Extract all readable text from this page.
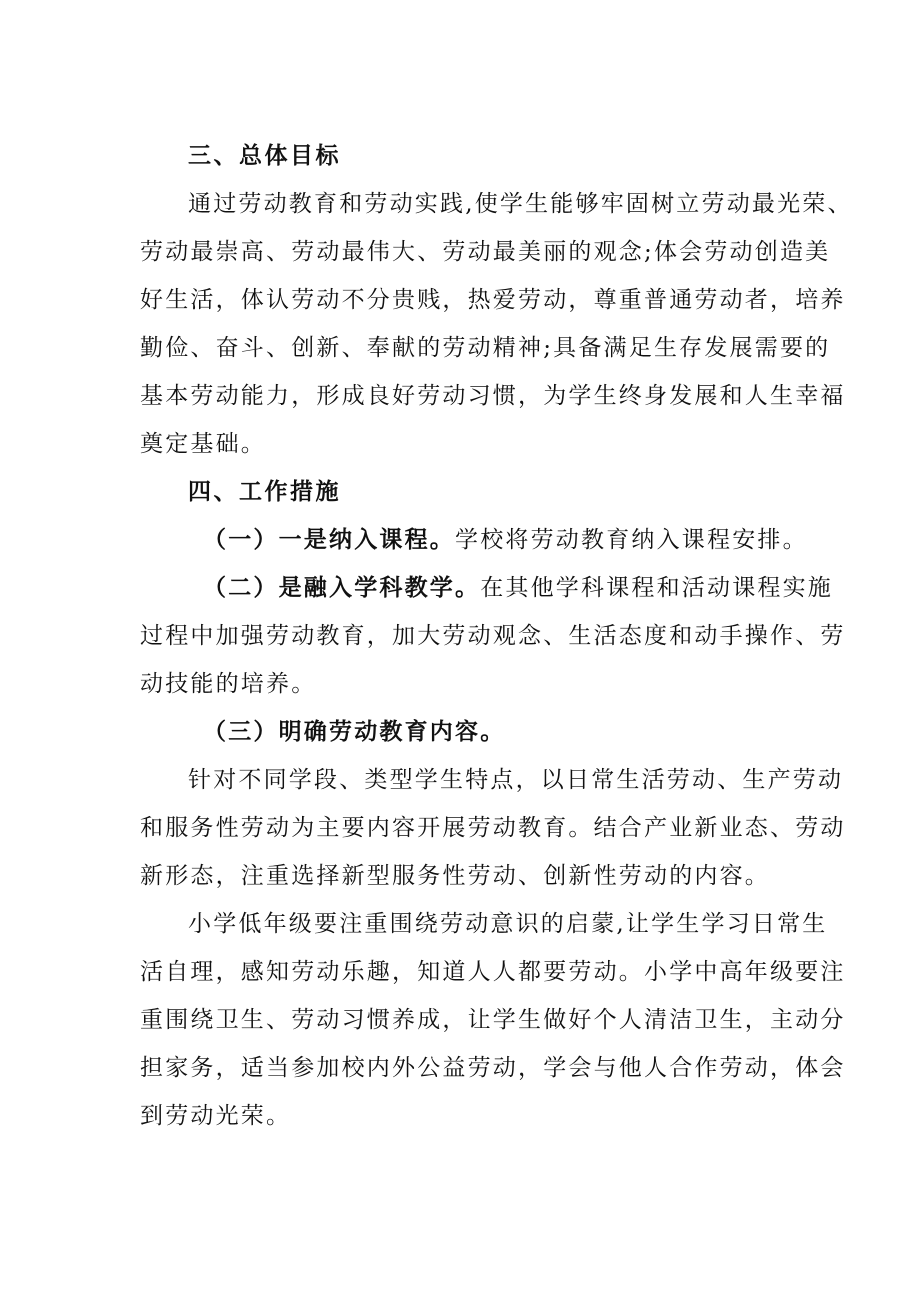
三、总体目标
通过劳动教育和劳动实践,使学生能够牢固树立劳动最光荣、
劳动最崇高、劳动最伟大、劳动最美丽的观念;体会劳动创造美
好生活，体认劳动不分贵贱，热爱劳动，尊重普通劳动者，培养
勤俭、奋斗、创新、奉献的劳动精神;具备满足生存发展需要的
基本劳动能力，形成良好劳动习惯，为学生终身发展和人生幸福
奠定基础。
四、工作措施
（一）一是纳入课程。学校将劳动教育纳入课程安排。
（二）是融入学科教学。在其他学科课程和活动课程实施
过程中加强劳动教育，加大劳动观念、生活态度和动手操作、劳
动技能的培养。
（三）明确劳动教育内容。
针对不同学段、类型学生特点，以日常生活劳动、生产劳动
和服务性劳动为主要内容开展劳动教育。结合产业新业态、劳动
新形态，注重选择新型服务性劳动、创新性劳动的内容。
小学低年级要注重围绕劳动意识的启蒙,让学生学习日常生
活自理，感知劳动乐趣，知道人人都要劳动。小学中高年级要注
重围绕卫生、劳动习惯养成，让学生做好个人清洁卫生，主动分
担家务，适当参加校内外公益劳动，学会与他人合作劳动，体会
到劳动光荣。
